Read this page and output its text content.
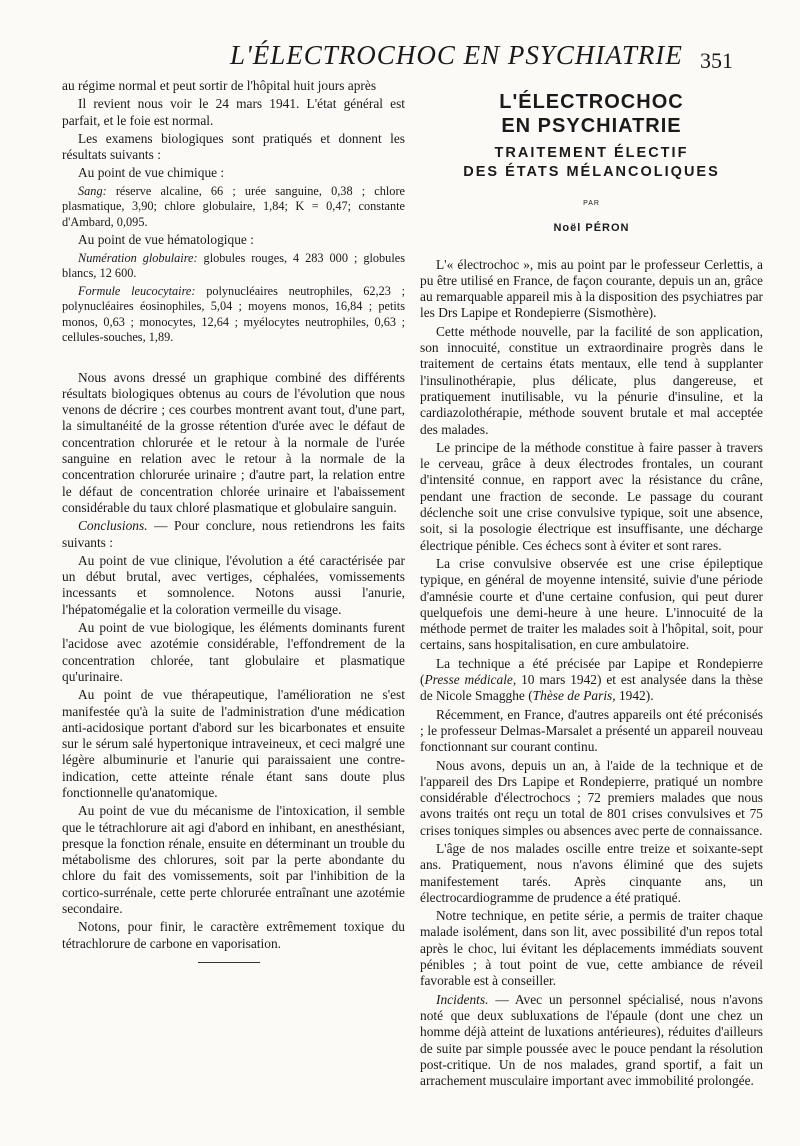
L'ÉLECTROCHOC EN PSYCHIATRIE 351

au régime normal et peut sortir de l'hôpital huit jours après

Il revient nous voir le 24 mars 1941. L'état général est parfait, et le foie est normal.

Les examens biologiques sont pratiqués et donnent les résultats suivants :

Au point de vue chimique :

Sang: réserve alcaline, 66 ; urée sanguine, 0,38 ; chlore plasmatique, 3,90; chlore globulaire, 1,84; K = 0,47; constante d'Ambard, 0,095.

Au point de vue hématologique :

Numération globulaire: globules rouges, 4 283 000 ; globules blancs, 12 600.

Formule leucocytaire: polynucléaires neutrophiles, 62,23 ; polynucléaires éosinophiles, 5,04 ; moyens monos, 16,84 ; petits monos, 0,63 ; monocytes, 12,64 ; myélocytes neutrophiles, 0,63 ; cellules-souches, 1,89.

Nous avons dressé un graphique combiné des différents résultats biologiques obtenus au cours de l'évolution que nous venons de décrire ; ces courbes montrent avant tout, d'une part, la simultanéité de la grosse rétention d'urée avec le défaut de concentration chlorurée et le retour à la normale de l'urée sanguine en relation avec le retour à la normale de la concentration chlorurée urinaire ; d'autre part, la relation entre le défaut de concentration chlorée urinaire et l'abaissement considérable du taux chloré plasmatique et globulaire sanguin.

Conclusions. — Pour conclure, nous retiendrons les faits suivants :

Au point de vue clinique, l'évolution a été caractérisée par un début brutal, avec vertiges, céphalées, vomissements incessants et somnolence. Notons aussi l'anurie, l'hépatomégalie et la coloration vermeille du visage.

Au point de vue biologique, les éléments dominants furent l'acidose avec azotémie considérable, l'effondrement de la concentration chlorée, tant globulaire et plasmatique qu'urinaire.

Au point de vue thérapeutique, l'amélioration ne s'est manifestée qu'à la suite de l'administration d'une médication anti-acidosique portant d'abord sur les bicarbonates et ensuite sur le sérum salé hypertonique intraveineux, et ceci malgré une légère albuminurie et l'anurie qui paraissaient une contre-indication, cette atteinte rénale étant sans doute plus fonctionnelle qu'anatomique.

Au point de vue du mécanisme de l'intoxication, il semble que le tétrachlorure ait agi d'abord en inhibant, en anesthésiant, presque la fonction rénale, ensuite en déterminant un trouble du métabolisme des chlorures, soit par la perte abondante du chlore du fait des vomissements, soit par l'inhibition de la cortico-surrénale, cette perte chlorurée entraînant une azotémie secondaire.

Notons, pour finir, le caractère extrêmement toxique du tétrachlorure de carbone en vaporisation.

L'ÉLECTROCHOC
EN PSYCHIATRIE
TRAITEMENT ÉLECTIF
DES ÉTATS MÉLANCOLIQUES
PAR
Noël PÉRON

L'« électrochoc », mis au point par le professeur Cerlettis, a pu être utilisé en France, de façon courante, depuis un an, grâce au remarquable appareil mis à la disposition des psychiatres par les Drs Lapipe et Rondepierre (Sismothère).

Cette méthode nouvelle, par la facilité de son application, son innocuité, constitue un extraordinaire progrès dans le traitement de certains états mentaux, elle tend à supplanter l'insulinothérapie, plus délicate, plus dangereuse, et pratiquement inutilisable, vu la pénurie d'insuline, et la cardiazolothérapie, méthode souvent brutale et mal acceptée des malades.

Le principe de la méthode constitue à faire passer à travers le cerveau, grâce à deux électrodes frontales, un courant d'intensité connue, en rapport avec la résistance du crâne, pendant une fraction de seconde. Le passage du courant déclenche soit une crise convulsive typique, soit une absence, soit, si la posologie électrique est insuffisante, une décharge électrique pénible. Ces échecs sont à éviter et sont rares.

La crise convulsive observée est une crise épileptique typique, en général de moyenne intensité, suivie d'une période d'amnésie courte et d'une certaine confusion, qui peut durer quelquefois une demi-heure à une heure. L'innocuité de la méthode permet de traiter les malades soit à l'hôpital, soit, pour certains, sans hospitalisation, en cure ambulatoire.

La technique a été précisée par Lapipe et Rondepierre (Presse médicale, 10 mars 1942) et est analysée dans la thèse de Nicole Smagghe (Thèse de Paris, 1942).

Récemment, en France, d'autres appareils ont été préconisés ; le professeur Delmas-Marsalet a présenté un appareil nouveau fonctionnant sur courant continu.

Nous avons, depuis un an, à l'aide de la technique et de l'appareil des Drs Lapipe et Rondepierre, pratiqué un nombre considérable d'électrochocs ; 72 premiers malades que nous avons traités ont reçu un total de 801 crises convulsives et 75 crises toniques simples ou absences avec perte de connaissance.

L'âge de nos malades oscille entre treize et soixante-sept ans. Pratiquement, nous n'avons éliminé que des sujets manifestement tarés. Après cinquante ans, un électrocardiogramme de prudence a été pratiqué.

Notre technique, en petite série, a permis de traiter chaque malade isolément, dans son lit, avec possibilité d'un repos total après le choc, lui évitant les déplacements immédiats souvent pénibles ; à tout point de vue, cette ambiance de réveil favorable est à conseiller.

Incidents. — Avec un personnel spécialisé, nous n'avons noté que deux subluxations de l'épaule (dont une chez un homme déjà atteint de luxations antérieures), réduites d'ailleurs de suite par simple poussée avec le pouce pendant la résolution post-critique. Un de nos malades, grand sportif, a fait un arrachement musculaire important avec immobilité prolongée.
